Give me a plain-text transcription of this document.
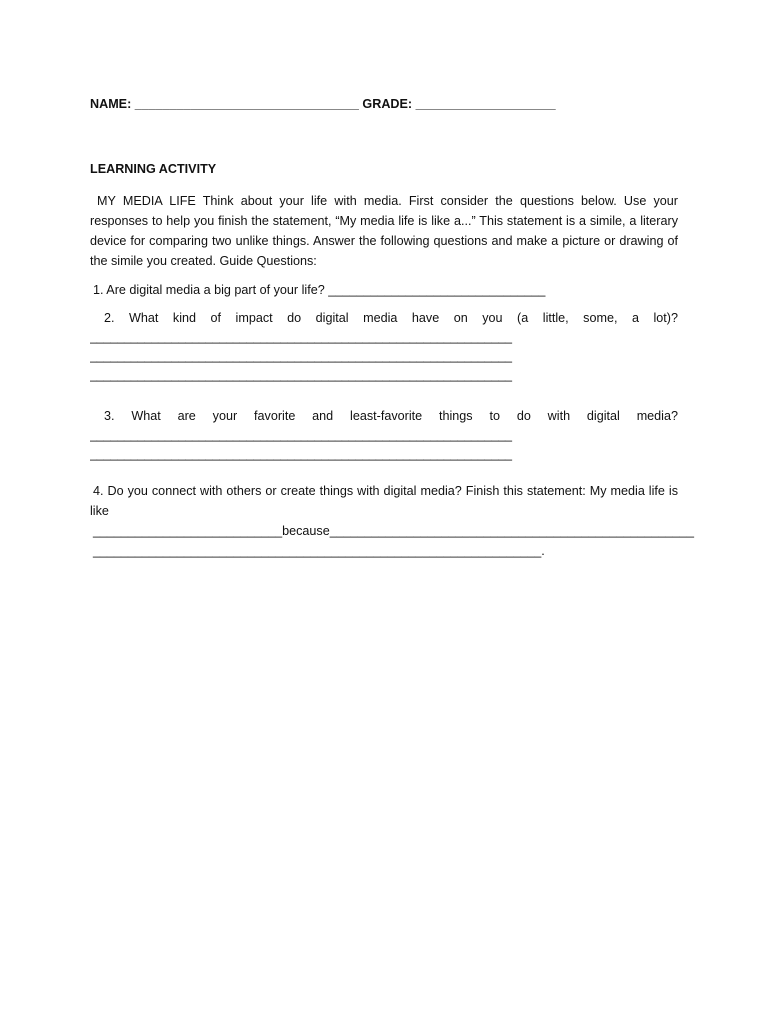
NAME: ________________________________ GRADE: ____________________
LEARNING ACTIVITY
MY MEDIA LIFE Think about your life with media. First consider the questions below. Use your responses to help you finish the statement, “My media life is like a...” This statement is a simile, a literary device for comparing two unlike things. Answer the following questions and make a picture or drawing of the simile you created. Guide Questions:
1. Are digital media a big part of your life? _______________________________
2. What kind of impact do digital media have on you (a little, some, a lot)?
______________________________________________________________
______________________________________________________________
______________________________________________________________
3. What are your favorite and least-favorite things to do with digital media?
______________________________________________________________
______________________________________________________________
4. Do you connect with others or create things with digital media? Finish this statement: My media life is like
___________________________because____________________________________________________
________________________________________________________________.
